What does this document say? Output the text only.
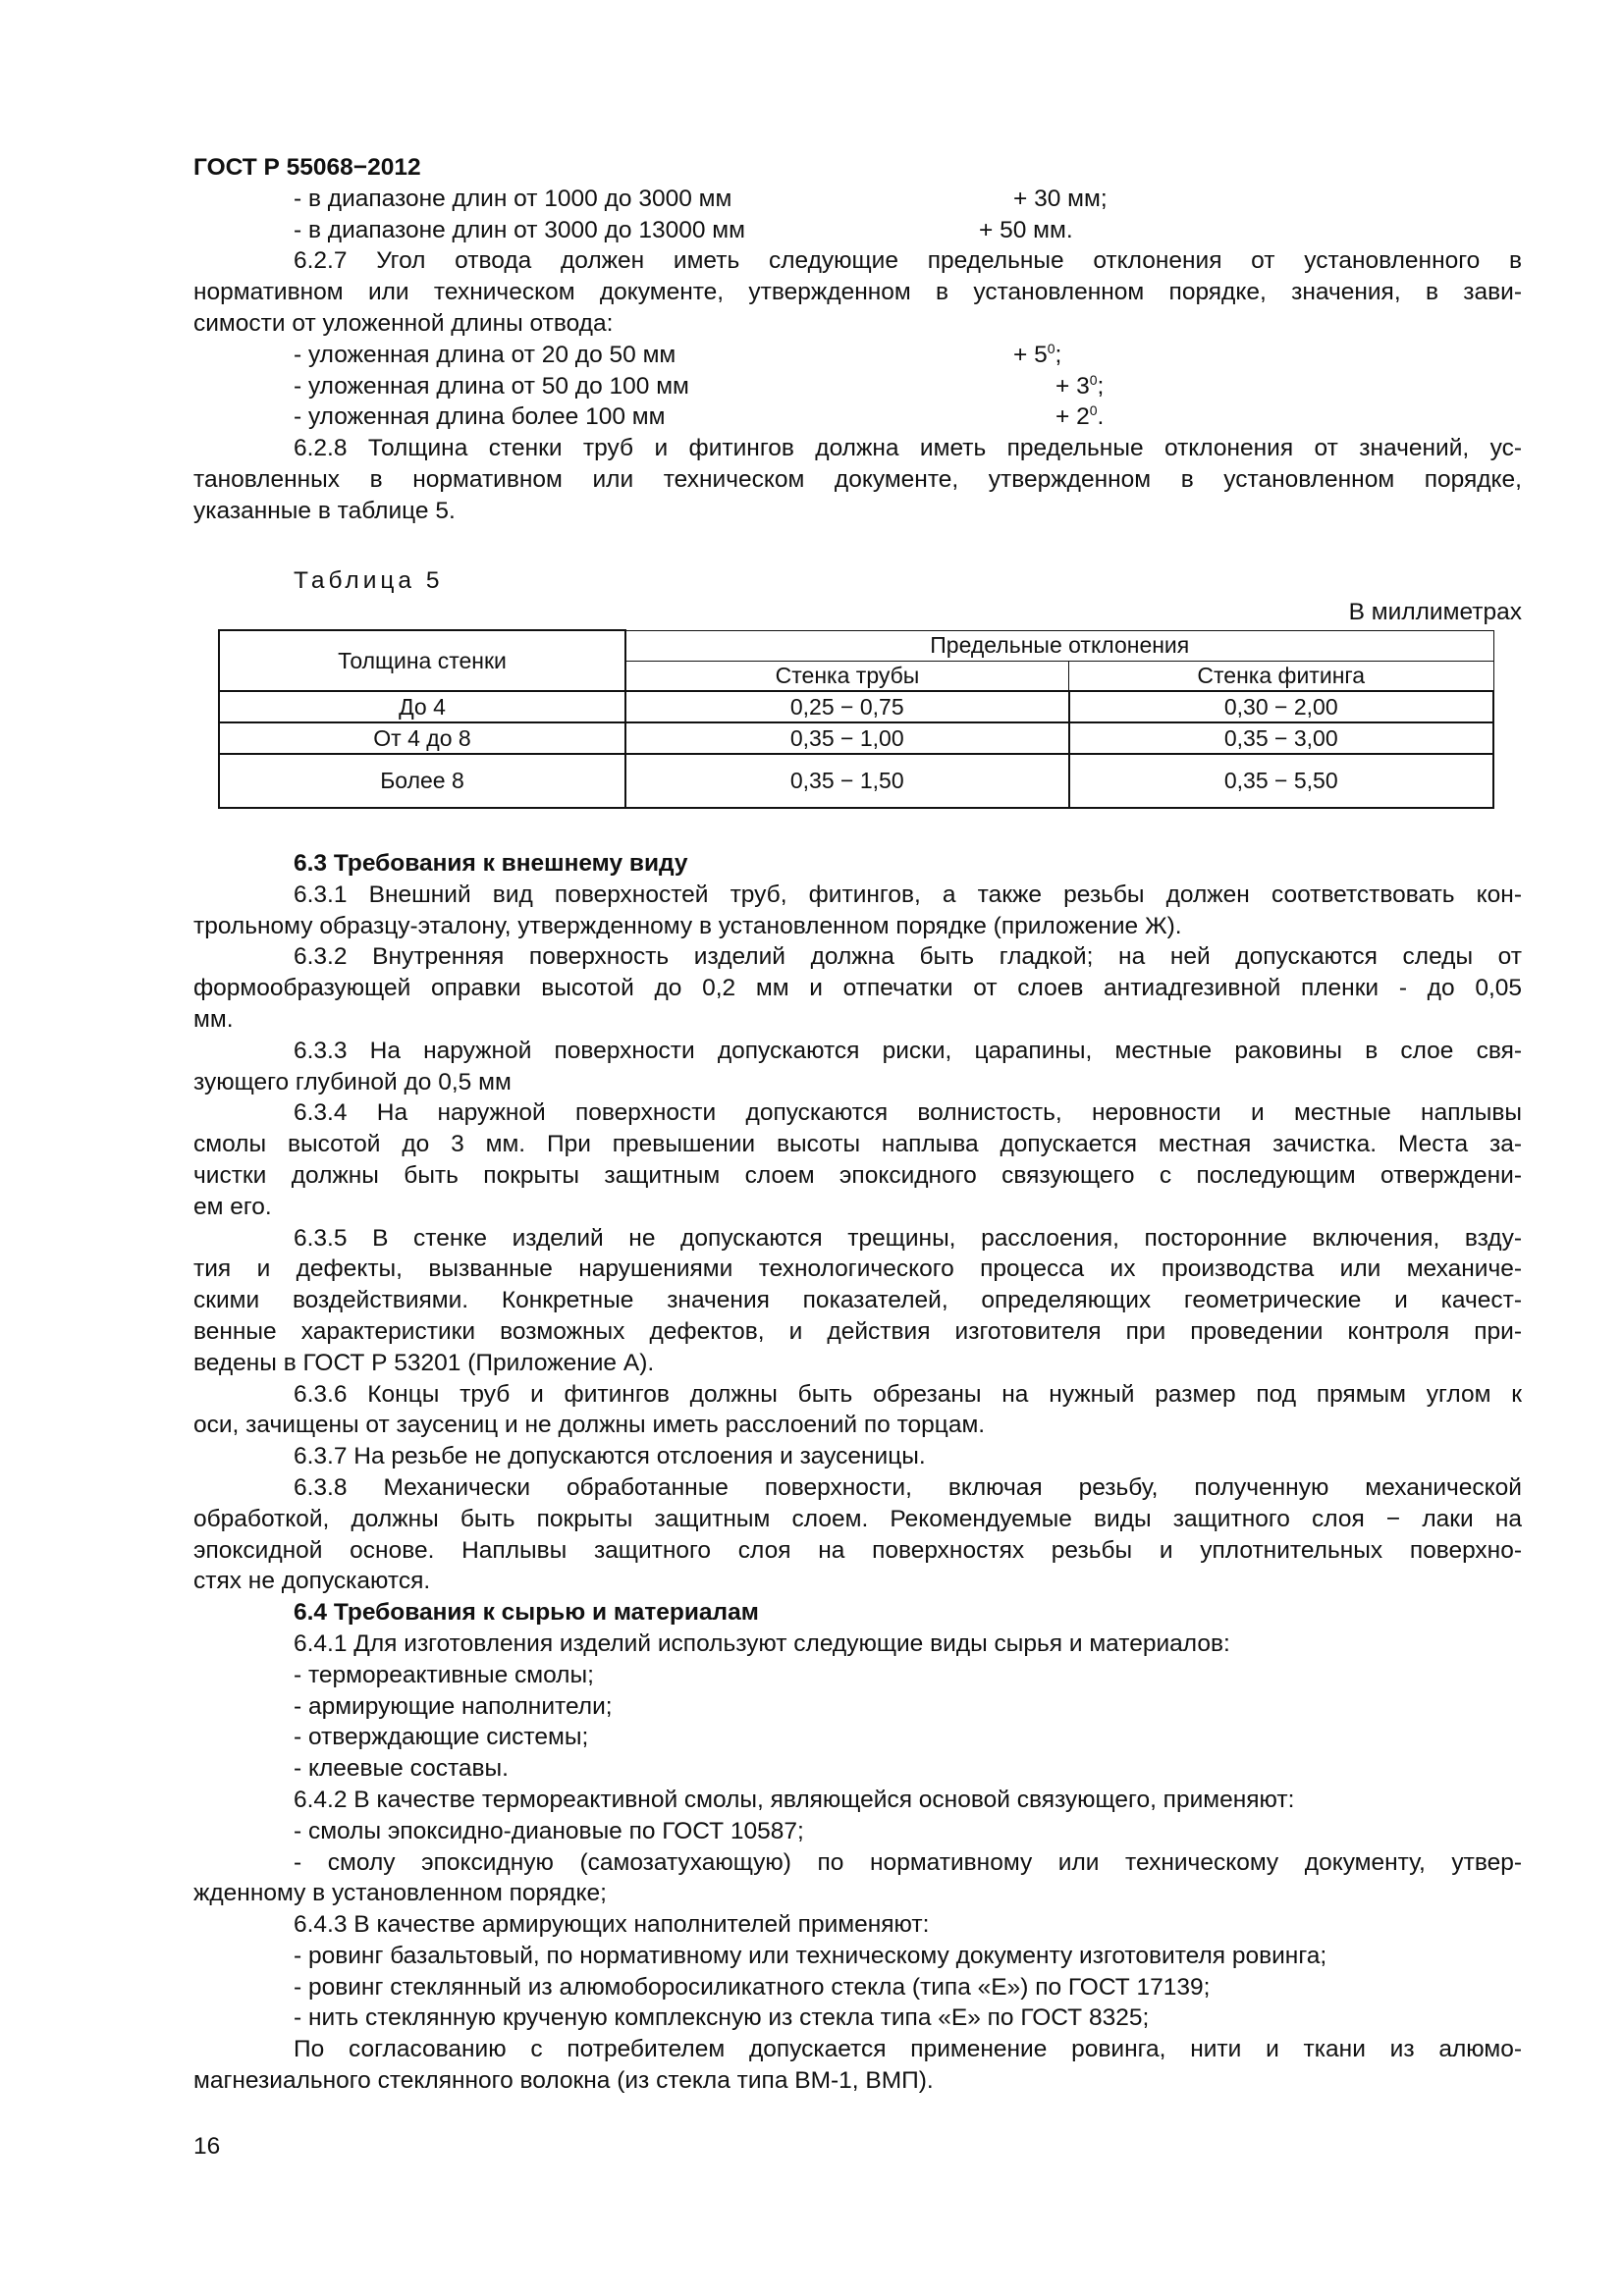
ГОСТ Р 55068−2012
- в диапазоне длин от 1000 до 3000 мм	+ 30 мм;
- в диапазоне длин от 3000 до 13000 мм	+ 50 мм.
6.2.7 Угол отвода должен иметь следующие предельные отклонения от установленного в
нормативном или техническом документе, утвержденном в установленном порядке, значения, в зави-
симости от уложенной длины отвода:
- уложенная длина от 20 до 50 мм	+ $5^0$;
- уложенная длина от 50 до 100 мм	+ $3^0$;
- уложенная длина более 100 мм	+ $2^0$.
6.2.8 Толщина стенки труб и фитингов должна иметь предельные отклонения от значений, ус-
тановленных в нормативном или техническом документе, утвержденном в установленном порядке,
указанные в таблице 5.
Таблица 5
В миллиметрах
Толщина стенки	Предельные отклонения	
	Стенка трубы	Стенка фитинга
До 4	0,25 − 0,75	0,30 − 2,00
От 4 до 8	0,35 − 1,00	0,35 − 3,00
Более 8	0,35 − 1,50	0,35 − 5,50
6.3 Требования к внешнему виду
6.3.1 Внешний вид поверхностей труб, фитингов, а также резьбы должен соответствовать кон-
трольному образцу-эталону, утвержденному в установленном порядке (приложение Ж).
6.3.2 Внутренняя поверхность изделий должна быть гладкой; на ней допускаются следы от
формообразующей оправки высотой до 0,2 мм и отпечатки от слоев антиадгезивной пленки - до 0,05
мм.
6.3.3 На наружной поверхности допускаются риски, царапины, местные раковины в слое свя-
зующего глубиной до 0,5 мм
6.3.4 На наружной поверхности допускаются волнистость, неровности и местные наплывы
смолы высотой до 3 мм. При превышении высоты наплыва допускается местная зачистка. Места за-
чистки должны быть покрыты защитным слоем эпоксидного связующего с последующим отверждени-
ем его.
6.3.5 В стенке изделий не допускаются трещины, расслоения, посторонние включения, взду-
тия и дефекты, вызванные нарушениями технологического процесса их производства или механиче-
скими воздействиями. Конкретные значения показателей, определяющих геометрические и качест-
венные характеристики возможных дефектов, и действия изготовителя при проведении контроля при-
ведены в ГОСТ Р 53201 (Приложение А).
6.3.6 Концы труб и фитингов должны быть обрезаны на нужный размер под прямым углом к
оси, зачищены от заусениц и не должны иметь расслоений по торцам.
6.3.7 На резьбе не допускаются отслоения и заусеницы.
6.3.8 Механически обработанные поверхности, включая резьбу, полученную механической
обработкой, должны быть покрыты защитным слоем. Рекомендуемые виды защитного слоя − лаки на
эпоксидной основе. Наплывы защитного слоя на поверхностях резьбы и уплотнительных поверхно-
стях не допускаются.
6.4 Требования к сырью и материалам
6.4.1 Для изготовления изделий используют следующие виды сырья и материалов:
- термореактивные смолы;
- армирующие наполнители;
- отверждающие системы;
- клеевые составы.
6.4.2 В качестве термореактивной смолы, являющейся основой связующего, применяют:
- смолы эпоксидно-диановые по ГОСТ 10587;
- смолу эпоксидную (самозатухающую) по нормативному или техническому документу, утвер-
жденному в установленном порядке;
6.4.3 В качестве армирующих наполнителей применяют:
- ровинг базальтовый, по нормативному или техническому документу изготовителя ровинга;
- ровинг стеклянный из алюмоборосиликатного стекла (типа «Е») по ГОСТ 17139;
- нить стеклянную крученую комплексную из стекла типа «Е» по ГОСТ 8325;
По согласованию с потребителем допускается применение ровинга, нити и ткани из алюмо-
магнезиального стеклянного волокна (из стекла типа ВМ-1, ВМП).
16
